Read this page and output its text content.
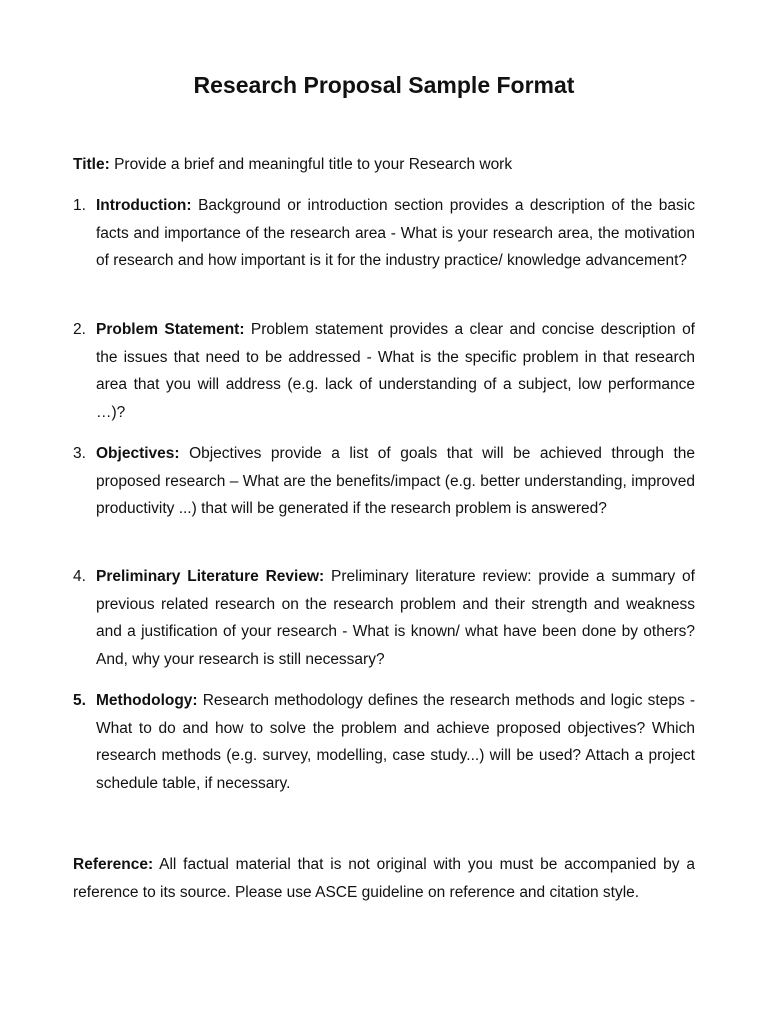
Research Proposal Sample Format

Title: Provide a brief and meaningful title to your Research work

1. Introduction: Background or introduction section provides a description of the basic facts and importance of the research area - What is your research area, the motivation of research and how important is it for the industry practice/ knowledge advancement?
2. Problem Statement: Problem statement provides a clear and concise description of the issues that need to be addressed - What is the specific problem in that research area that you will address (e.g. lack of understanding of a subject, low performance …)?
3. Objectives: Objectives provide a list of goals that will be achieved through the proposed research – What are the benefits/impact (e.g. better understanding, improved productivity ...) that will be generated if the research problem is answered?
4. Preliminary Literature Review: Preliminary literature review: provide a summary of previous related research on the research problem and their strength and weakness and a justification of your research - What is known/ what have been done by others? And, why your research is still necessary?
5. Methodology: Research methodology defines the research methods and logic steps - What to do and how to solve the problem and achieve proposed objectives? Which research methods (e.g. survey, modelling, case study...) will be used? Attach a project schedule table, if necessary.

Reference: All factual material that is not original with you must be accompanied by a reference to its source. Please use ASCE guideline on reference and citation style.
